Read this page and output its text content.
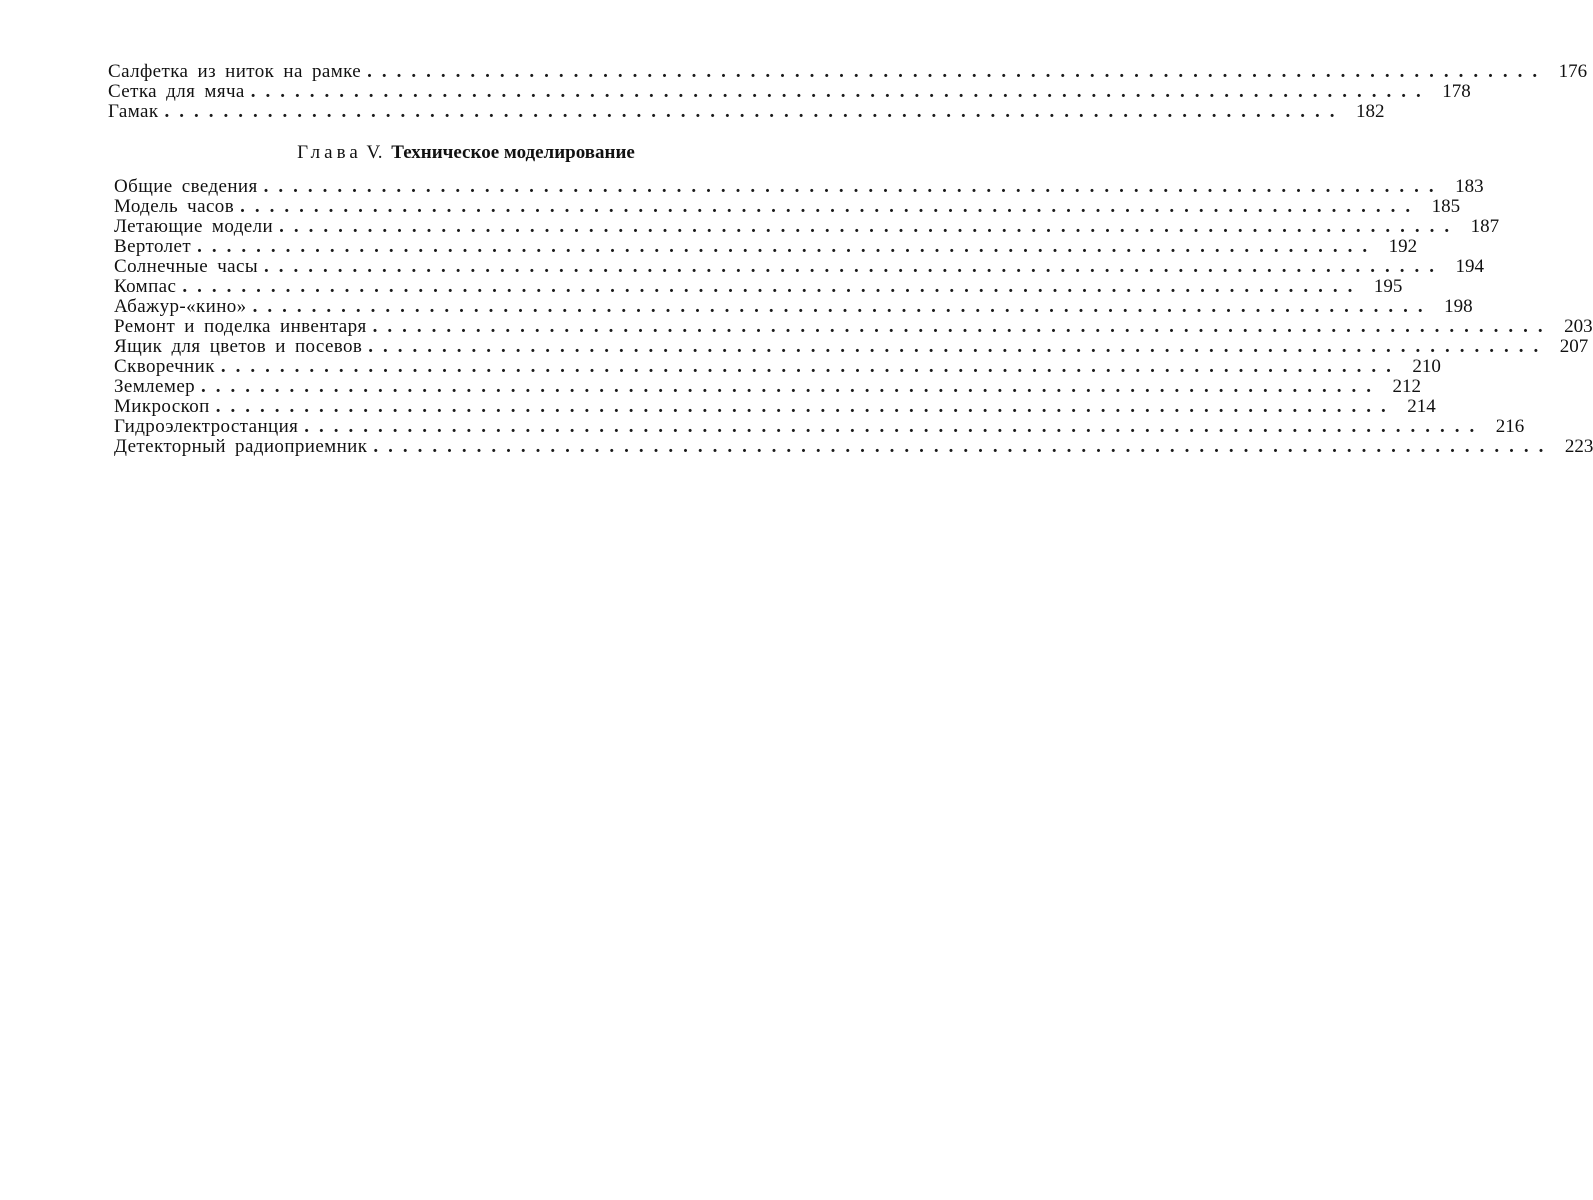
Салфетка из ниток на рамке ................................................................................ 176
Сетка для мяча ................................................................................ 178
Гамак ................................................................................ 182
Глава V. Техническое моделирование
Общие сведения ................................................................................ 183
Модель часов ................................................................................ 185
Летающие модели ................................................................................ 187
Вертолет ................................................................................ 192
Солнечные часы ................................................................................ 194
Компас ................................................................................ 195
Абажур-«кино» ................................................................................ 198
Ремонт и поделка инвентаря ................................................................................ 203
Ящик для цветов и посевов ................................................................................ 207
Скворечник ................................................................................ 210
Землемер ................................................................................ 212
Микроскоп ................................................................................ 214
Гидроэлектростанция ................................................................................ 216
Детекторный радиоприемник ................................................................................ 223
